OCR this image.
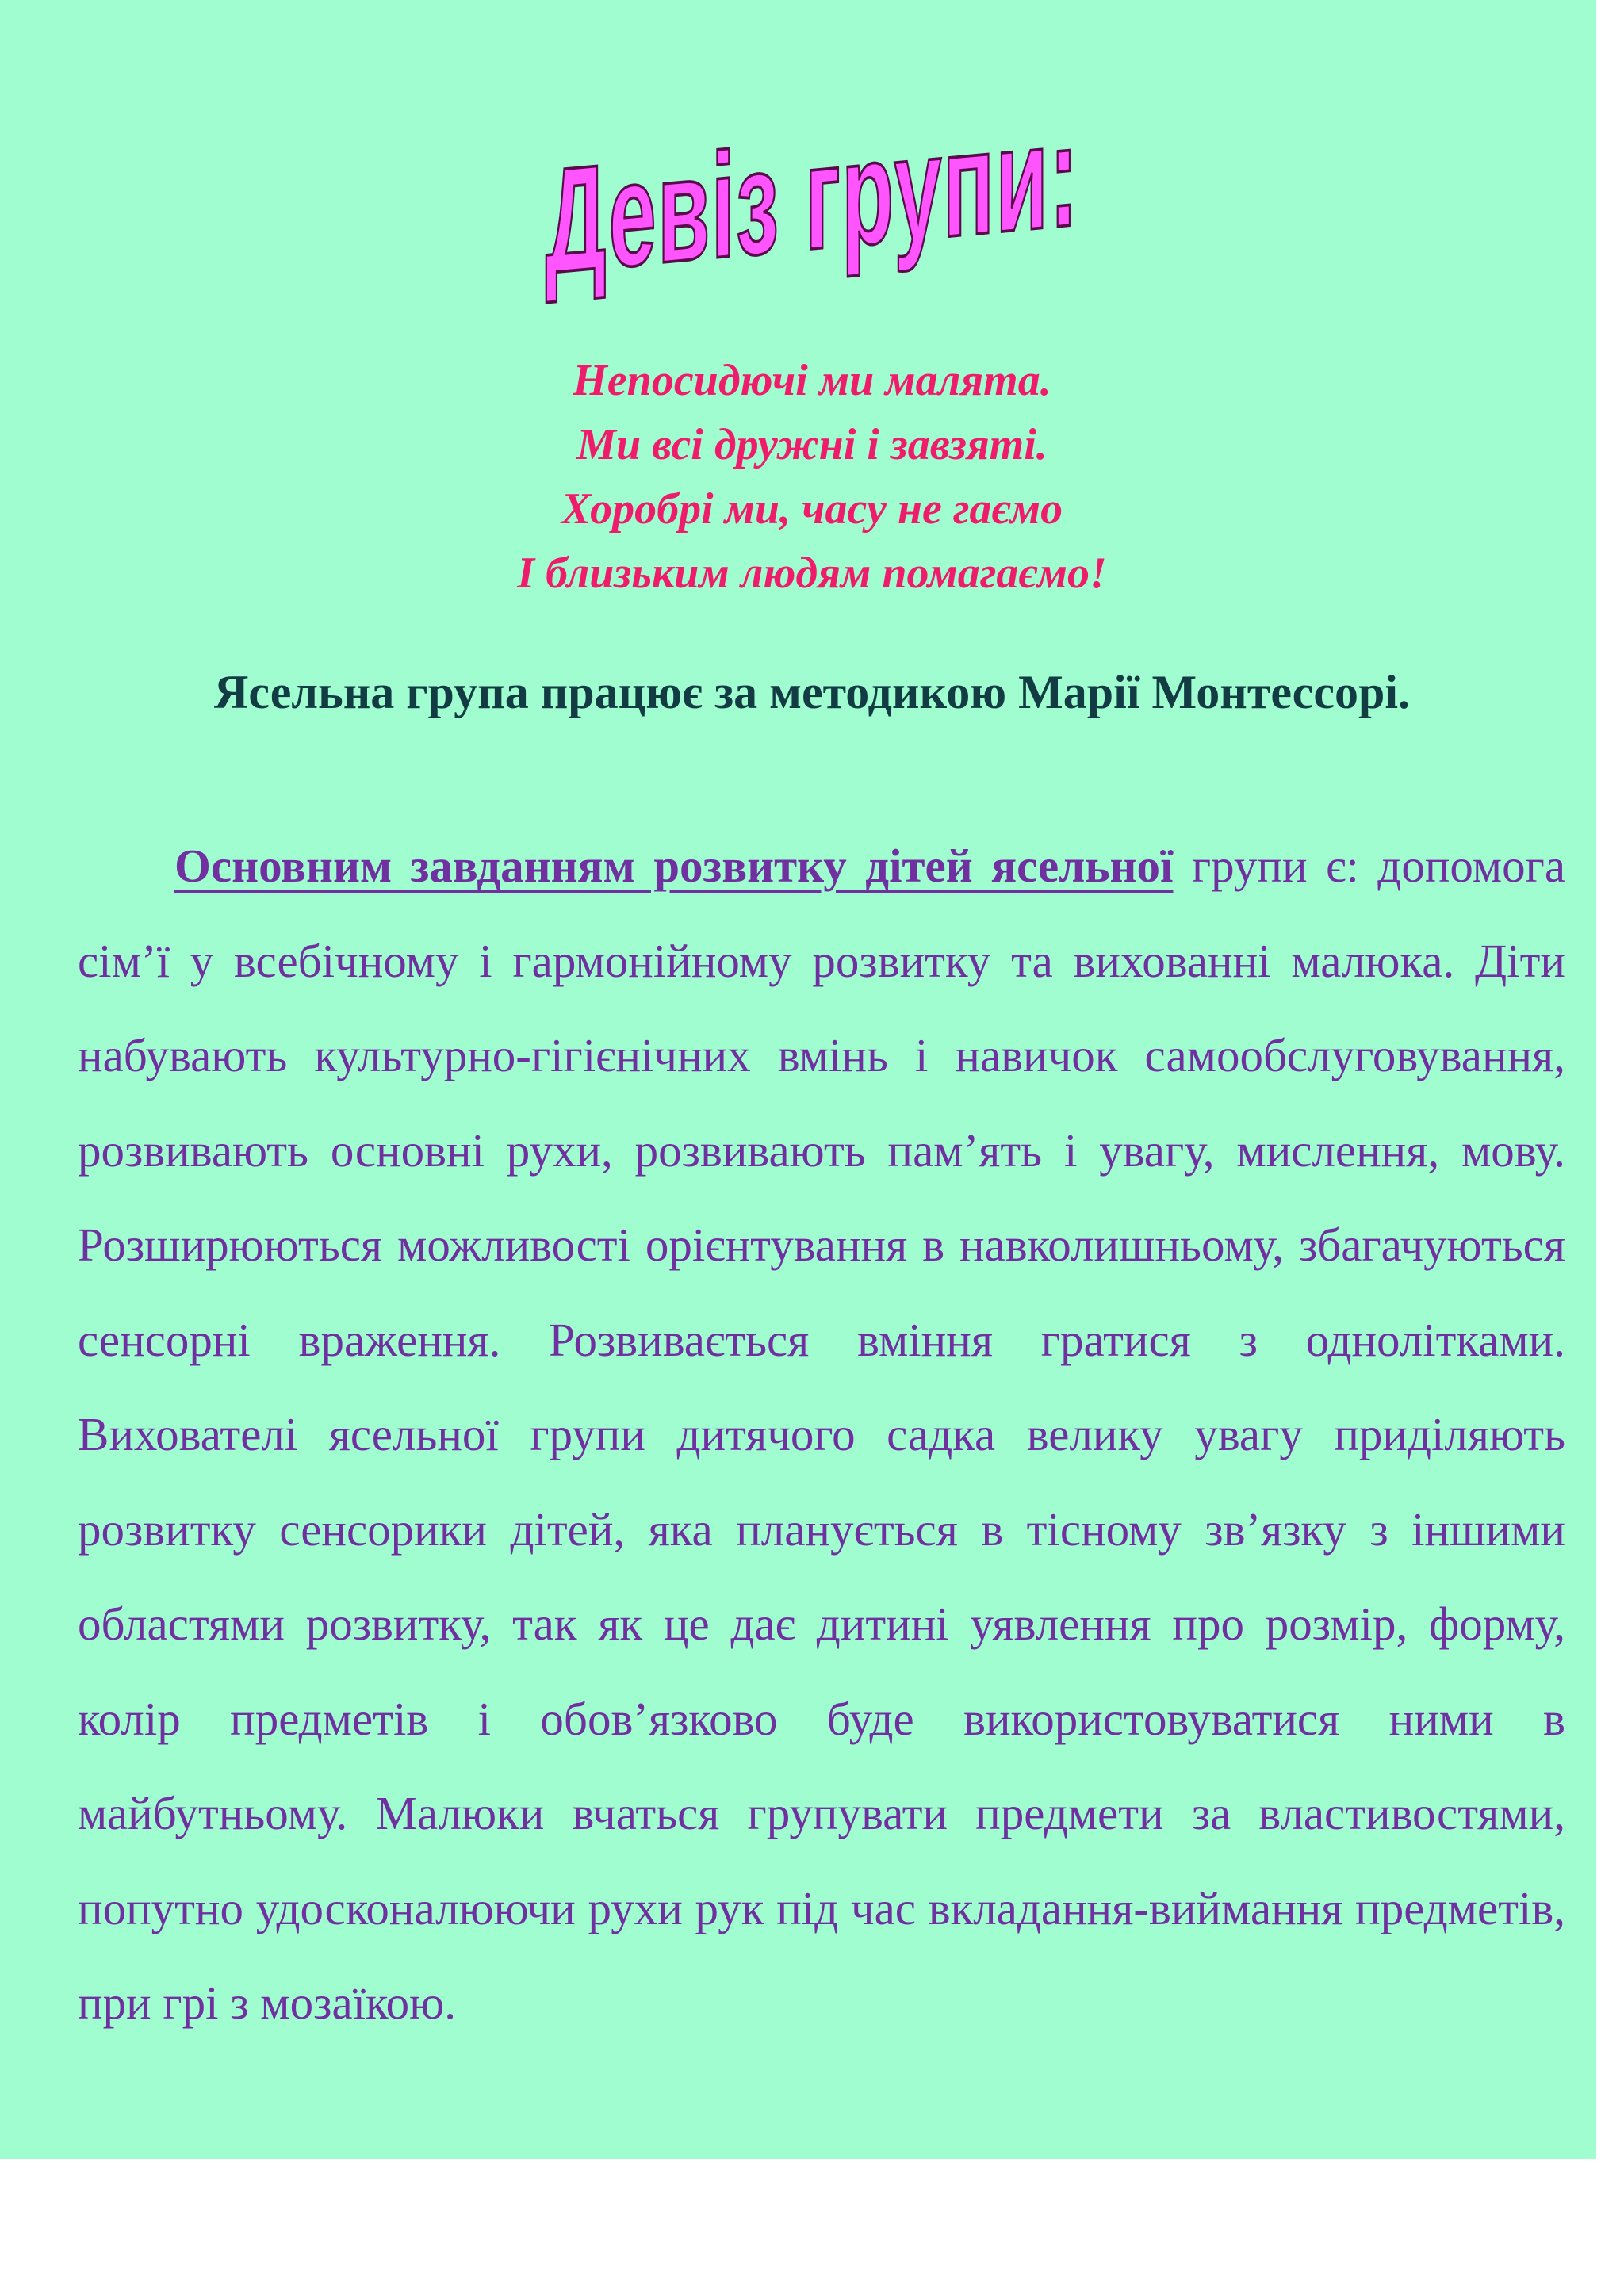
Девіз групи:
Непосидючі ми малята.
Ми всі дружні і завзяті.
Хоробрі ми, часу не гаємо
І близьким людям помагаємо!
Ясельна група працює за методикою Марії Монтессорі.

Основним завданням розвитку дітей ясельної групи є: допомога сім’ї у всебічному і гармонійному розвитку та вихованні малюка. Діти набувають культурно-гігієнічних вмінь і навичок самообслуговування, розвивають основні рухи, розвивають пам’ять і увагу, мислення, мову. Розширюються можливості орієнтування в навколишньому, збагачуються сенсорні враження. Розвивається вміння гратися з однолітками. Вихователі ясельної групи дитячого садка велику увагу приділяють розвитку сенсорики дітей, яка планується в тісному зв’язку з іншими областями розвитку, так як це дає дитині уявлення про розмір, форму, колір предметів і обов’язково буде використовуватися ними в майбутньому. Малюки вчаться групувати предмети за властивостями, попутно удосконалюючи рухи рук під час вкладання-виймання предметів, при грі з мозаїкою.
